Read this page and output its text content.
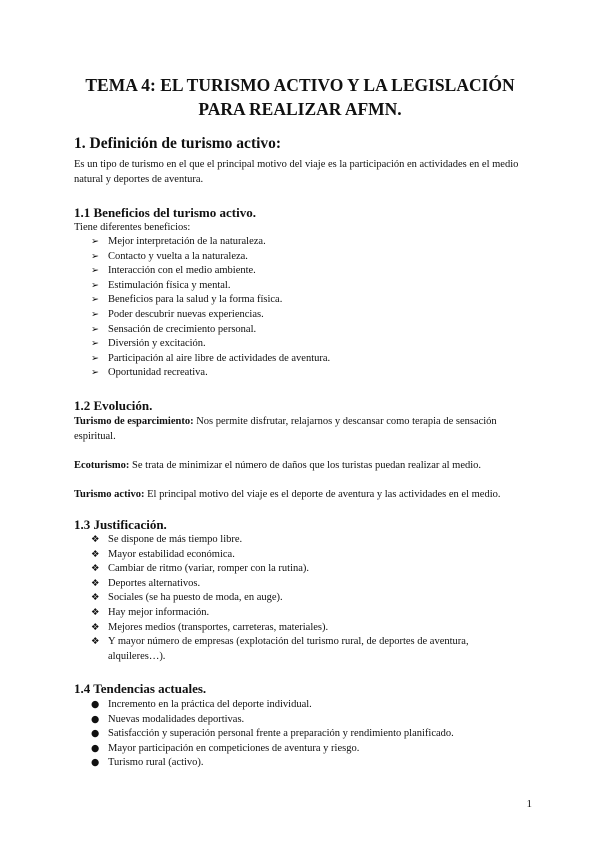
TEMA 4: EL TURISMO ACTIVO Y LA LEGISLACIÓN
PARA REALIZAR AFMN.
1. Definición de turismo activo:
Es un tipo de turismo en el que el principal motivo del viaje es la participación en actividades en el medio natural y deportes de aventura.
1.1 Beneficios del turismo activo.
Tiene diferentes beneficios:
➢ Mejor interpretación de la naturaleza.
➢ Contacto y vuelta a la naturaleza.
➢ Interacción con el medio ambiente.
➢ Estimulación física y mental.
➢ Beneficios para la salud y la forma física.
➢ Poder descubrir nuevas experiencias.
➢ Sensación de crecimiento personal.
➢ Diversión y excitación.
➢ Participación al aire libre de actividades de aventura.
➢ Oportunidad recreativa.
1.2 Evolución.
Turismo de esparcimiento: Nos permite disfrutar, relajarnos y descansar como terapia de sensación espiritual.
Ecoturismo: Se trata de minimizar el número de daños que los turistas puedan realizar al medio.
Turismo activo: El principal motivo del viaje es el deporte de aventura y las actividades en el medio.
1.3 Justificación.
❖ Se dispone de más tiempo libre.
❖ Mayor estabilidad económica.
❖ Cambiar de ritmo (variar, romper con la rutina).
❖ Deportes alternativos.
❖ Sociales (se ha puesto de moda, en auge).
❖ Hay mejor información.
❖ Mejores medios (transportes, carreteras, materiales).
❖ Y mayor número de empresas (explotación del turismo rural, de deportes de aventura, alquileres…).
1.4 Tendencias actuales.
● Incremento en la práctica del deporte individual.
● Nuevas modalidades deportivas.
● Satisfacción y superación personal frente a preparación y rendimiento planificado.
● Mayor participación en competiciones de aventura y riesgo.
● Turismo rural (activo).
1
